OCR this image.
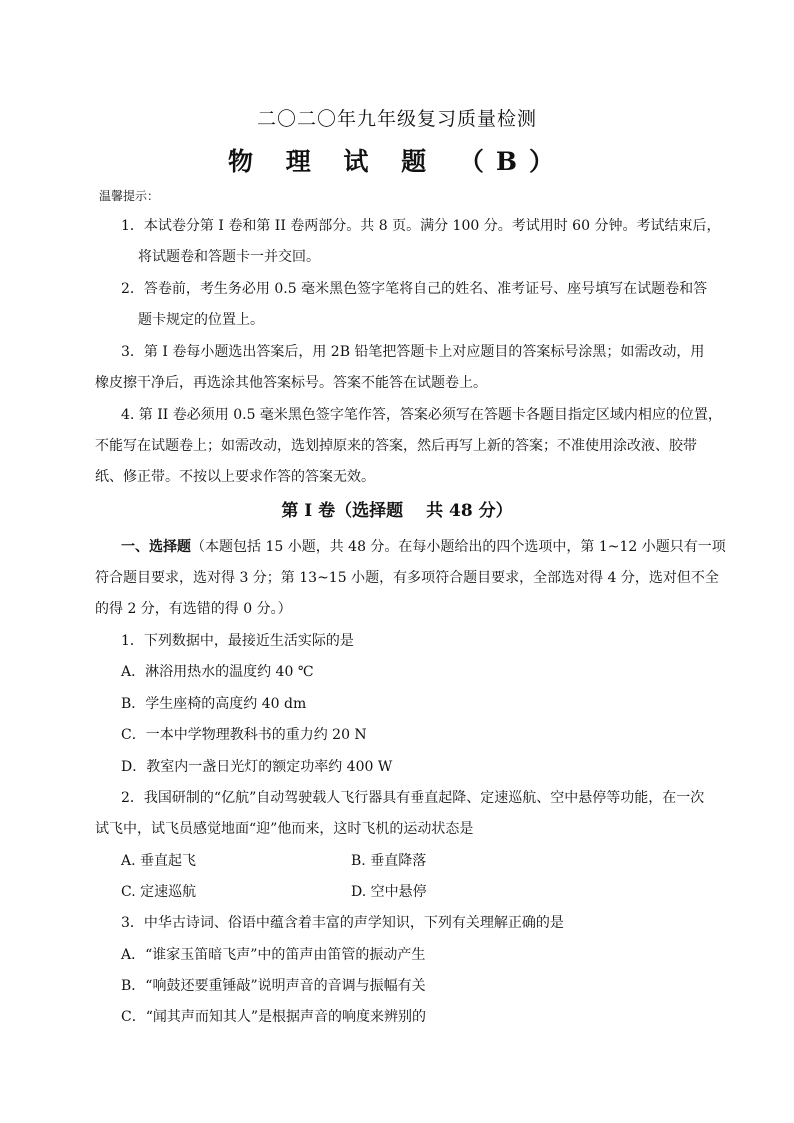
二〇二〇年九年级复习质量检测
物 理 试 题 （B）
温馨提示：
1．本试卷分第 I 卷和第 II 卷两部分。共 8 页。满分 100 分。考试用时 60 分钟。考试结束后，
将试题卷和答题卡一并交回。
2．答卷前，考生务必用 0.5 毫米黑色签字笔将自己的姓名、准考证号、座号填写在试题卷和答
题卡规定的位置上。
3．第 I 卷每小题选出答案后，用 2B 铅笔把答题卡上对应题目的答案标号涂黑；如需改动，用
橡皮擦干净后，再选涂其他答案标号。答案不能答在试题卷上。
4. 第 II 卷必须用 0.5 毫米黑色签字笔作答，答案必须写在答题卡各题目指定区域内相应的位置，
不能写在试题卷上；如需改动，选划掉原来的答案，然后再写上新的答案；不准使用涂改液、胶带
纸、修正带。不按以上要求作答的答案无效。
第 I 卷（选择题　 共 48 分）
一、选择题（本题包括 15 小题，共 48 分。在每小题给出的四个选项中，第 1~12 小题只有一项
符合题目要求，选对得 3 分；第 13~15 小题，有多项符合题目要求，全部选对得 4 分，选对但不全
的得 2 分，有选错的得 0 分。）
1．下列数据中，最接近生活实际的是
A．淋浴用热水的温度约 40 ℃
B．学生座椅的高度约 40 dm
C．一本中学物理教科书的重力约 20 N
D．教室内一盏日光灯的额定功率约 400 W
2．我国研制的“亿航”自动驾驶载人飞行器具有垂直起降、定速巡航、空中悬停等功能，在一次
试飞中，试飞员感觉地面“迎”他而来，这时飞机的运动状态是
A. 垂直起飞	B. 垂直降落
C. 定速巡航	D. 空中悬停
3．中华古诗词、俗语中蕴含着丰富的声学知识，下列有关理解正确的是
A．“谁家玉笛暗飞声”中的笛声由笛管的振动产生
B．“响鼓还要重锤敲”说明声音的音调与振幅有关
C．“闻其声而知其人”是根据声音的响度来辨别的
